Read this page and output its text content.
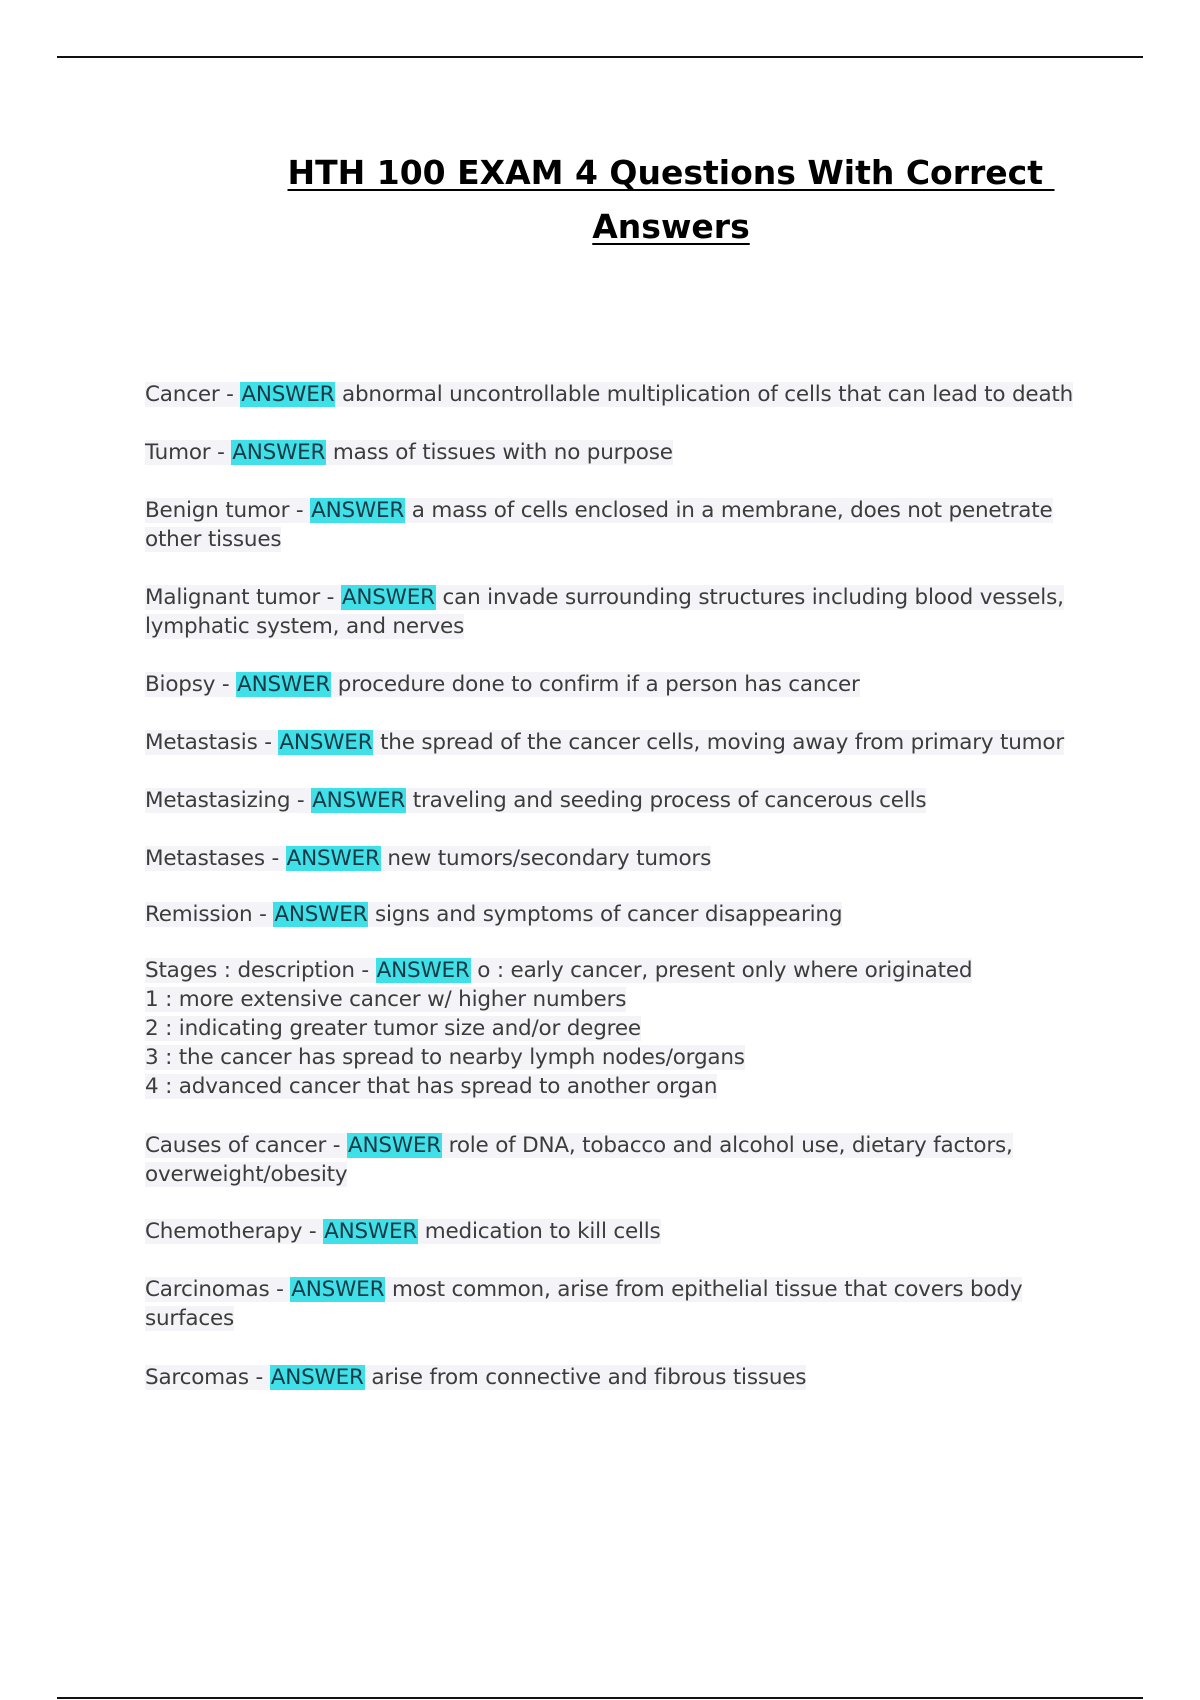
HTH 100 EXAM 4 Questions With Correct
Answers
Cancer - ANSWER abnormal uncontrollable multiplication of cells that can lead to death
Tumor - ANSWER mass of tissues with no purpose
Benign tumor - ANSWER a mass of cells enclosed in a membrane, does not penetrate other tissues
Malignant tumor - ANSWER can invade surrounding structures including blood vessels, lymphatic system, and nerves
Biopsy - ANSWER procedure done to confirm if a person has cancer
Metastasis - ANSWER the spread of the cancer cells, moving away from primary tumor
Metastasizing - ANSWER traveling and seeding process of cancerous cells
Metastases - ANSWER new tumors/secondary tumors
Remission - ANSWER signs and symptoms of cancer disappearing
Stages : description - ANSWER o : early cancer, present only where originated
1 : more extensive cancer w/ higher numbers
2 : indicating greater tumor size and/or degree
3 : the cancer has spread to nearby lymph nodes/organs
4 : advanced cancer that has spread to another organ
Causes of cancer - ANSWER role of DNA, tobacco and alcohol use, dietary factors, overweight/obesity
Chemotherapy - ANSWER medication to kill cells
Carcinomas - ANSWER most common, arise from epithelial tissue that covers body surfaces
Sarcomas - ANSWER arise from connective and fibrous tissues
